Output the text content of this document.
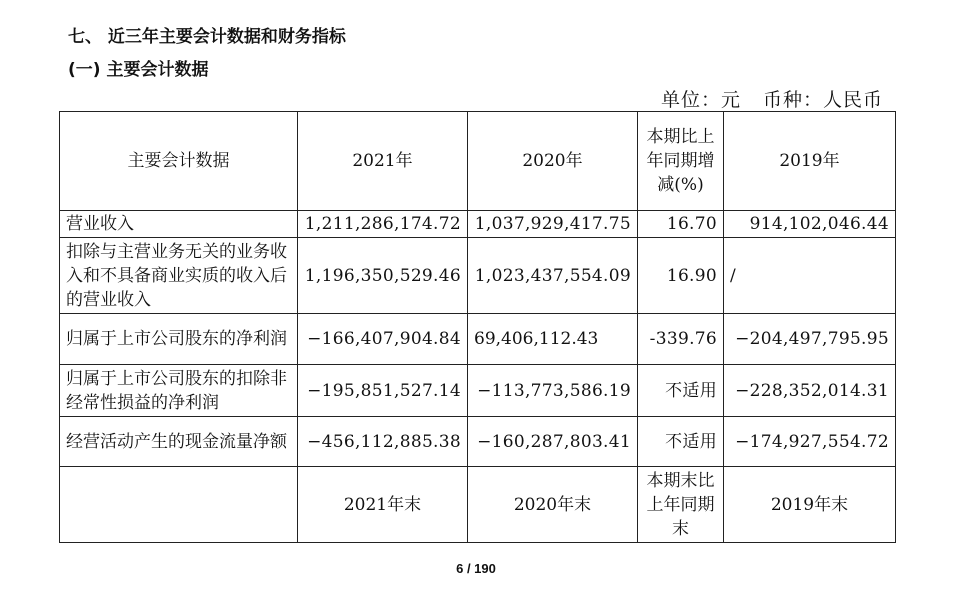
七、 近三年主要会计数据和财务指标
(一) 主要会计数据
单位：元 币种：人民币
主要会计数据	2021年	2020年	本期比上年同期增减(%)	2019年
营业收入	1,211,286,174.72	1,037,929,417.75	16.70	914,102,046.44
扣除与主营业务无关的业务收入和不具备商业实质的收入后的营业收入	1,196,350,529.46	1,023,437,554.09	16.90	/
归属于上市公司股东的净利润	−166,407,904.84	69,406,112.43	-339.76	−204,497,795.95
归属于上市公司股东的扣除非经常性损益的净利润	−195,851,527.14	−113,773,586.19	不适用	−228,352,014.31
经营活动产生的现金流量净额	−456,112,885.38	−160,287,803.41	不适用	−174,927,554.72
	2021年末	2020年末	本期末比上年同期末	2019年末
6 / 190
